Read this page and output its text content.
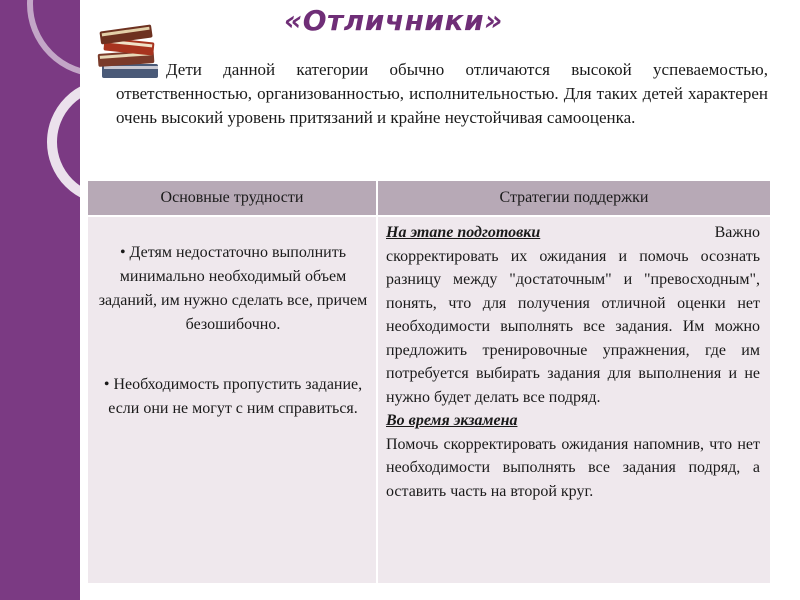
«Отличники»
Дети данной категории обычно отличаются высокой успеваемостью, ответственностью, организованностью, исполнительностью. Для таких детей характерен очень высокий уровень притязаний и крайне неустойчивая самооценка.
Основные трудности	Стратегии поддержки
• Детям недостаточно выполнить минимально необходимый объем заданий, им нужно сделать все, причем безошибочно.
• Необходимость пропустить задание, если они не могут с ним справиться.
На этапе подготовки	Важно
скорректировать их ожидания и помочь осознать разницу между "достаточным" и "превосходным", понять, что для получения отличной оценки нет необходимости выполнять все задания. Им можно предложить тренировочные упражнения, где им потребуется выбирать задания для выполнения и не нужно будет делать все подряд.
Во время экзамена
Помочь скорректировать ожидания напомнив, что нет необходимости выполнять все задания подряд, а оставить часть на второй круг.
